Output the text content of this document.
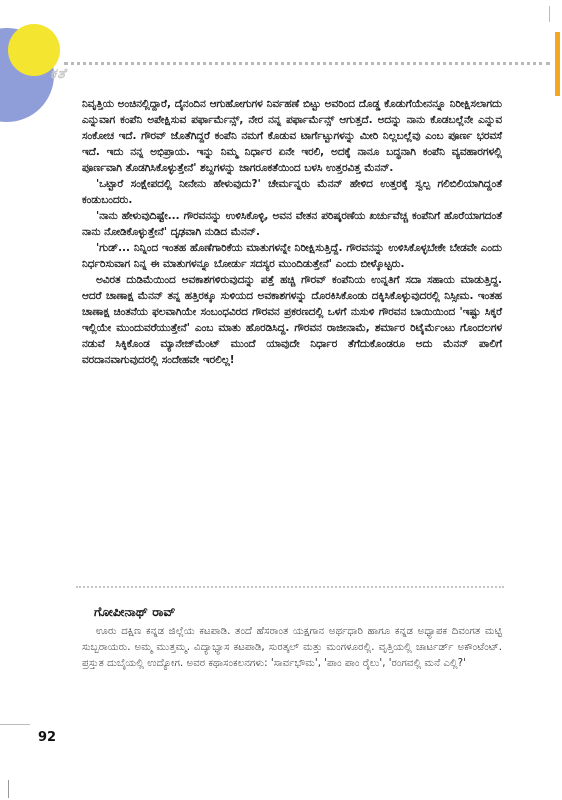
ಕತೆ

ನಿವೃತ್ತಿಯ ಅಂಚಿನಲ್ಲಿದ್ದಾರೆ, ದೈನಂದಿನ ಆಗುಹೋಗುಗಳ ನಿರ್ವಹಣೆ ಬಿಟ್ಟು ಅವರಿಂದ ದೊಡ್ಡ ಕೊಡುಗೆಯೇನನ್ನೂ ನಿರೀಕ್ಷಿಸಲಾಗದು ಎನ್ನುವಾಗ ಕಂಪೆನಿ ಅಪೇಕ್ಷಿಸುವ ಪರ್ಫಾರ್ಮೆನ್ಸ್, ನೇರ ನನ್ನ ಪರ್ಫಾರ್ಮೆನ್ಸ್ ಆಗುತ್ತದೆ. ಅದನ್ನು ನಾನು ಕೊಡಬಲ್ಲೆನೇ ಎನ್ನುವ ಸಂಕೋಚ ಇದೆ. ಗೌರವ್ ಜೊತೆಗಿದ್ದರೆ ಕಂಪೆನಿ ನಮಗೆ ಕೊಡುವ ಟಾರ್ಗೆಟ್ಟುಗಳನ್ನು ಮೀರಿ ನಿಲ್ಲಬಲ್ಲೆವು ಎಂಬ ಪೂರ್ಣ ಭರವಸೆ ಇದೆ. ಇದು ನನ್ನ ಅಭಿಪ್ರಾಯ. ಇನ್ನು ನಿಮ್ಮ ನಿರ್ಧಾರ ಏನೇ ಇರಲಿ, ಅದಕ್ಕೆ ನಾನೂ ಬದ್ಧನಾಗಿ ಕಂಪೆನಿ ವ್ಯವಹಾರಗಳಲ್ಲಿ ಪೂರ್ಣವಾಗಿ ತೊಡಗಿಸಿಕೊಳ್ಳುತ್ತೇನೆ' ಶಬ್ದಗಳನ್ನು ಜಾಗರೂಕತೆಯಿಂದ ಬಳಸಿ ಉತ್ತರವಿತ್ತ ಮೆನನ್.

'ಒಟ್ಟಾರೆ ಸಂಕ್ಷೇಪದಲ್ಲಿ ನೀನೇನು ಹೇಳುವುದು?' ಚೇರ್ಮನ್ನರು ಮೆನನ್ ಹೇಳಿದ ಉತ್ತರಕ್ಕೆ ಸ್ವಲ್ಪ ಗಲಿಬಿಲಿಯಾಗಿದ್ದಂತೆ ಕಂಡುಬಂದರು.

'ನಾನು ಹೇಳುವುದಿಷ್ಟೇ... ಗೌರವನನ್ನು ಉಳಿಸಿಕೊಳ್ಳಿ, ಅವನ ವೇತನ ಪರಿಷ್ಕರಣೆಯ ಖರ್ಚುವೆಚ್ಚ ಕಂಪೆನಿಗೆ ಹೊರೆಯಾಗದಂತೆ ನಾನು ನೋಡಿಕೊಳ್ಳುತ್ತೇನೆ' ದೃಢವಾಗಿ ನುಡಿದ ಮೆನನ್.

'ಗುಡ್... ನಿನ್ನಿಂದ ಇಂತಹ ಹೊಣೆಗಾರಿಕೆಯ ಮಾತುಗಳನ್ನೇ ನಿರೀಕ್ಷಿಸುತ್ತಿದ್ದೆ. ಗೌರವನನ್ನು ಉಳಿಸಿಕೊಳ್ಳಬೇಕೇ ಬೇಡವೇ ಎಂದು ನಿರ್ಧರಿಸುವಾಗ ನಿನ್ನ ಈ ಮಾತುಗಳನ್ನೂ ಬೋರ್ಡು ಸದಸ್ಯರ ಮುಂದಿಡುತ್ತೇನೆ' ಎಂದು ಬೀಳ್ಕೊಟ್ಟರು.

ಅವಿರತ ದುಡಿಮೆಯಿಂದ ಅವಕಾಶಗಳಿರುವುದನ್ನು ಪತ್ತೆ ಹಚ್ಚಿ ಗೌರವ್ ಕಂಪೆನಿಯ ಉನ್ನತಿಗೆ ಸದಾ ಸಹಾಯ ಮಾಡುತ್ತಿದ್ದ. ಆದರೆ ಚಾಣಾಕ್ಷ ಮೆನನ್ ತನ್ನ ಹತ್ತಿರಕ್ಕೂ ಸುಳಿಯದ ಅವಕಾಶಗಳನ್ನು ದೊರಕಿಸಿಕೊಂಡು ದಕ್ಕಿಸಿಕೊಳ್ಳುವುದರಲ್ಲಿ ನಿಸ್ಸೀಮ. ಇಂತಹ ಚಾಣಾಕ್ಷ ಚಿಂತನೆಯ ಫಲವಾಗಿಯೇ ಸಂಬಂಧವಿರದ ಗೌರವನ ಪ್ರಕರಣದಲ್ಲಿ ಒಳಗೆ ನುಸುಳಿ ಗೌರವನ ಬಾಯಿಯಿಂದ 'ಇಷ್ಟು ಸಿಕ್ಕರೆ ಇಲ್ಲಿಯೇ ಮುಂದುವರೆಯುತ್ತೇನೆ' ಎಂಬ ಮಾತು ಹೊರಡಿಸಿದ್ದ. ಗೌರವನ ರಾಜೀನಾಮೆ, ಶರ್ಮಾರ ರಿಟೈರ್ಮೆಂಟು ಗೊಂದಲಗಳ ನಡುವೆ ಸಿಕ್ಕಿಕೊಂಡ ಮ್ಯಾನೇಜ್‌ಮೆಂಟ್ ಮುಂದೆ ಯಾವುದೇ ನಿರ್ಧಾರ ತೆಗೆದುಕೊಂಡರೂ ಅದು ಮೆನನ್ ಪಾಲಿಗೆ ವರದಾನವಾಗುವುದರಲ್ಲಿ ಸಂದೇಹವೇ ಇರಲಿಲ್ಲ!

ಗೋಪೀನಾಥ್ ರಾವ್

ಊರು ದಕ್ಷಿಣ ಕನ್ನಡ ಜಿಲ್ಲೆಯ ಕಟಪಾಡಿ. ತಂದೆ ಹೆಸರಾಂತ ಯಕ್ಷಗಾನ ಅರ್ಥಧಾರಿ ಹಾಗೂ ಕನ್ನಡ ಅಧ್ಯಾಪಕ ದಿವಂಗತ ಮಟ್ಟಿ ಸುಬ್ಬರಾಯರು. ಅಮ್ಮ ಮುತ್ತಮ್ಮ. ವಿದ್ಯಾಭ್ಯಾಸ ಕಟಪಾಡಿ, ಸುರತ್ಕಲ್ ಮತ್ತು ಮಂಗಳೂರಲ್ಲಿ. ವೃತ್ತಿಯಲ್ಲಿ ಚಾರ್ಟರ್ಡ್ ಅಕೌಂಟೆಂಟ್. ಪ್ರಸ್ತುತ ದುಬೈಯಲ್ಲಿ ಉದ್ಯೋಗ. ಅವರ ಕಥಾಸಂಕಲನಗಳು: 'ಸಾರ್ವಭೌಮ', 'ಪಾಂ ಪಾಂ ರೈಲು', 'ರಂಗವಲ್ಲಿ ಮನೆ ಎಲ್ಲಿ?'

92
